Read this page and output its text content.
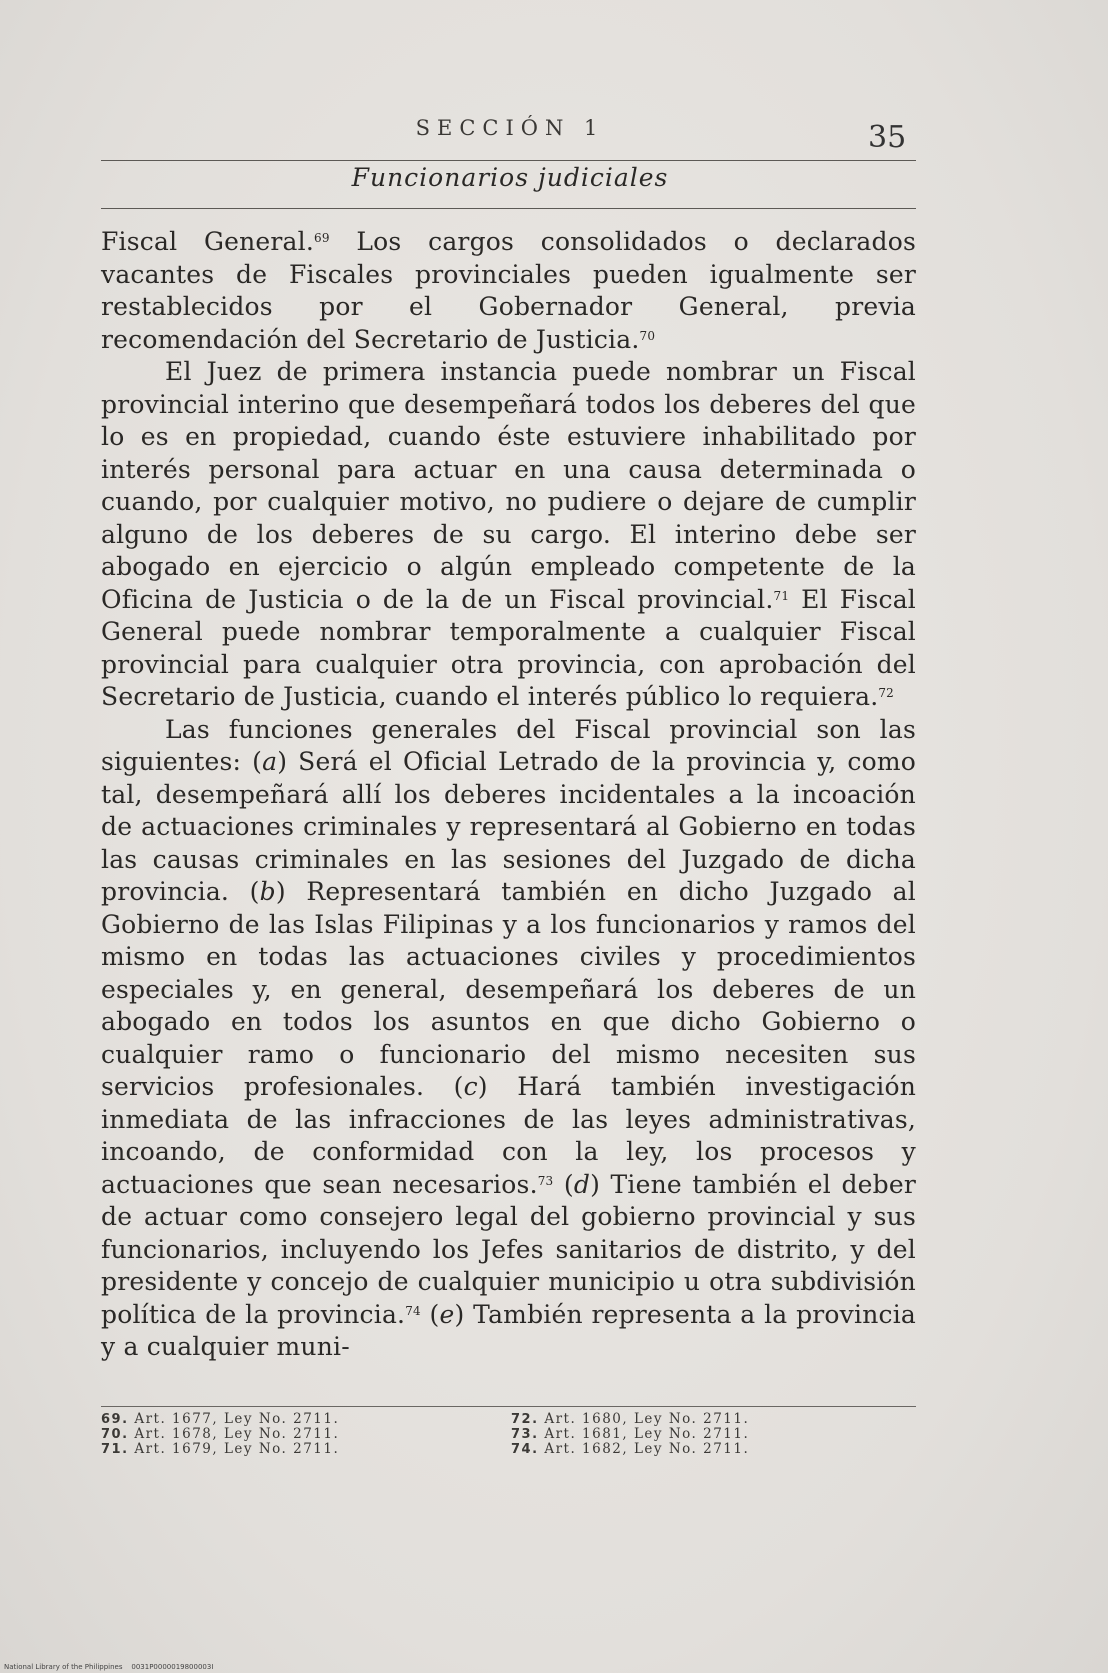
SECCIÓN 1	35
Funcionarios judiciales

Fiscal General.$^{69}$ Los cargos consolidados o declarados vacantes de Fiscales provinciales pueden igualmente ser restablecidos por el Gobernador General, previa recomendación del Secretario de Justicia.$^{70}$

El Juez de primera instancia puede nombrar un Fiscal provincial interino que desempeñará todos los deberes del que lo es en propiedad, cuando éste estuviere inhabilitado por interés personal para actuar en una causa determinada o cuando, por cualquier motivo, no pudiere o dejare de cumplir alguno de los deberes de su cargo. El interino debe ser abogado en ejercicio o algún empleado competente de la Oficina de Justicia o de la de un Fiscal provincial.$^{71}$ El Fiscal General puede nombrar temporalmente a cualquier Fiscal provincial para cualquier otra provincia, con aprobación del Secretario de Justicia, cuando el interés público lo requiera.$^{72}$

Las funciones generales del Fiscal provincial son las siguientes: (a) Será el Oficial Letrado de la provincia y, como tal, desempeñará allí los deberes incidentales a la incoación de actuaciones criminales y representará al Gobierno en todas las causas criminales en las sesiones del Juzgado de dicha provincia. (b) Representará también en dicho Juzgado al Gobierno de las Islas Filipinas y a los funcionarios y ramos del mismo en todas las actuaciones civiles y procedimientos especiales y, en general, desempeñará los deberes de un abogado en todos los asuntos en que dicho Gobierno o cualquier ramo o funcionario del mismo necesiten sus servicios profesionales. (c) Hará también investigación inmediata de las infracciones de las leyes administrativas, incoando, de conformidad con la ley, los procesos y actuaciones que sean necesarios.$^{73}$ (d) Tiene también el deber de actuar como consejero legal del gobierno provincial y sus funcionarios, incluyendo los Jefes sanitarios de distrito, y del presidente y concejo de cualquier municipio u otra subdivisión política de la provincia.$^{74}$ (e) También representa a la provincia y a cualquier muni-

69. Art. 1677, Ley No. 2711.
70. Art. 1678, Ley No. 2711.
71. Art. 1679, Ley No. 2711.
72. Art. 1680, Ley No. 2711.
73. Art. 1681, Ley No. 2711.
74. Art. 1682, Ley No. 2711.
National Library of the Philippines    0031P0000019800003I
